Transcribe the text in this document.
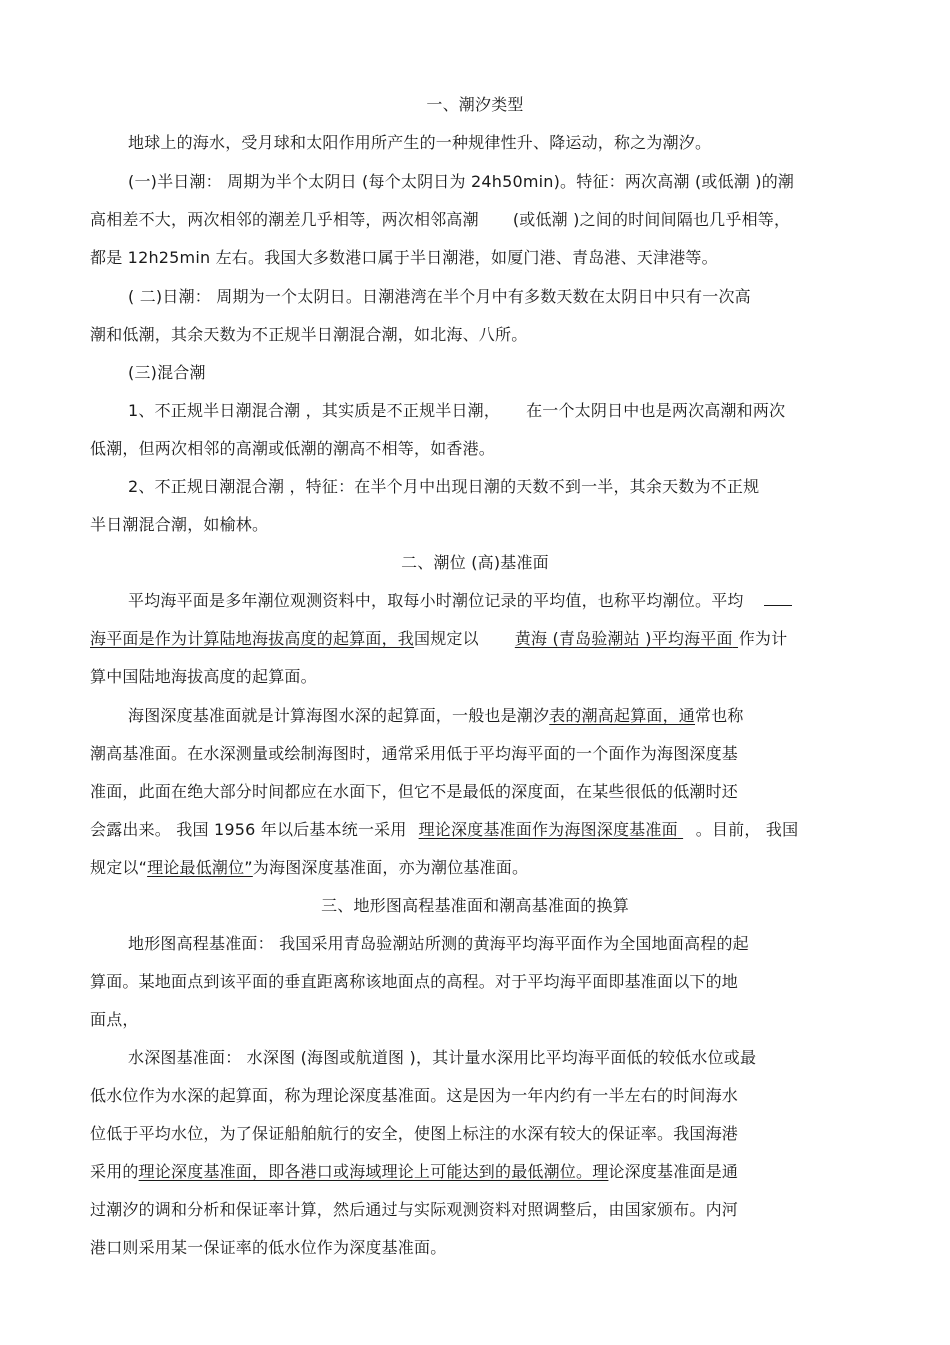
一、潮汐类型
地球上的海水，受月球和太阳作用所产生的一种规律性升、降运动，称之为潮汐。
(一)半日潮： 周期为半个太阴日 (每个太阴日为 24h50min)。特征：两次高潮 (或低潮 )的潮
高相差不大，两次相邻的潮差几乎相等，两次相邻高潮 (或低潮 )之间的时间间隔也几乎相等，
都是 12h25min 左右。我国大多数港口属于半日潮港，如厦门港、青岛港、天津港等。
( 二)日潮： 周期为一个太阴日。日潮港湾在半个月中有多数天数在太阴日中只有一次高
潮和低潮，其余天数为不正规半日潮混合潮，如北海、八所。
(三)混合潮
1、不正规半日潮混合潮 ，其实质是不正规半日潮， 在一个太阴日中也是两次高潮和两次
低潮，但两次相邻的高潮或低潮的潮高不相等，如香港。
2、不正规日潮混合潮 ，特征：在半个月中出现日潮的天数不到一半，其余天数为不正规
半日潮混合潮，如榆林。
二、潮位 (高)基准面
平均海平面是多年潮位观测资料中，取每小时潮位记录的平均值，也称平均潮位。平均
海平面是作为计算陆地海拔高度的起算面，我国规定以 黄海 (青岛验潮站 )平均海平面 作为计
算中国陆地海拔高度的起算面。
海图深度基准面就是计算海图水深的起算面，一般也是潮汐表的潮高起算面，通常也称
潮高基准面。在水深测量或绘制海图时，通常采用低于平均海平面的一个面作为海图深度基
准面，此面在绝大部分时间都应在水面下，但它不是最低的深度面，在某些很低的低潮时还
会露出来。 我国 1956 年以后基本统一采用 理论深度基准面作为海图深度基准面 。目前， 我国
规定以“理论最低潮位”为海图深度基准面，亦为潮位基准面。
三、地形图高程基准面和潮高基准面的换算
地形图高程基准面： 我国采用青岛验潮站所测的黄海平均海平面作为全国地面高程的起
算面。某地面点到该平面的垂直距离称该地面点的高程。对于平均海平面即基准面以下的地
面点，
水深图基准面： 水深图 (海图或航道图 )，其计量水深用比平均海平面低的较低水位或最
低水位作为水深的起算面，称为理论深度基准面。这是因为一年内约有一半左右的时间海水
位低于平均水位，为了保证船舶航行的安全，使图上标注的水深有较大的保证率。我国海港
采用的理论深度基准面，即各港口或海域理论上可能达到的最低潮位。理论深度基准面是通
过潮汐的调和分析和保证率计算，然后通过与实际观测资料对照调整后，由国家颁布。内河
港口则采用某一保证率的低水位作为深度基准面。
